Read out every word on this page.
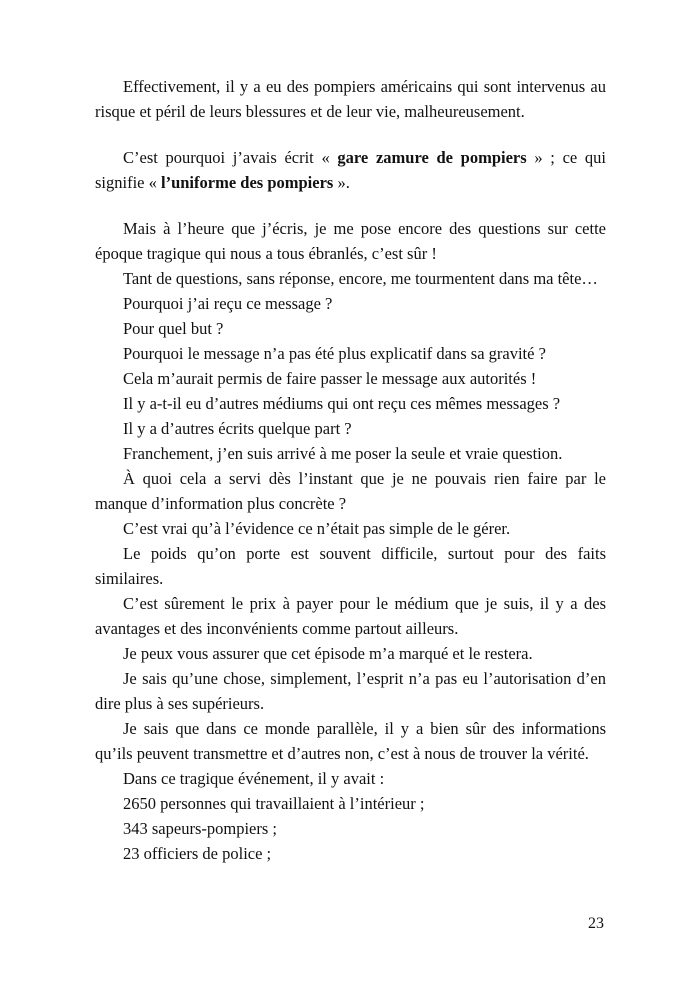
Effectivement, il y a eu des pompiers américains qui sont intervenus au risque et péril de leurs blessures et de leur vie, malheureusement.

C’est pourquoi j’avais écrit « gare zamure de pompiers » ; ce qui signifie « l’uniforme des pompiers ».

Mais à l’heure que j’écris, je me pose encore des questions sur cette époque tragique qui nous a tous ébranlés, c’est sûr !

Tant de questions, sans réponse, encore, me tourmentent dans ma tête…

Pourquoi j’ai reçu ce message ?

Pour quel but ?

Pourquoi le message n’a pas été plus explicatif dans sa gravité ?

Cela m’aurait permis de faire passer le message aux autorités !

Il y a-t-il eu d’autres médiums qui ont reçu ces mêmes messages ?

Il y a d’autres écrits quelque part ?

Franchement, j’en suis arrivé à me poser la seule et vraie question.

À quoi cela a servi dès l’instant que je ne pouvais rien faire par le manque d’information plus concrète ?

C’est vrai qu’à l’évidence ce n’était pas simple de le gérer.

Le poids qu’on porte est souvent difficile, surtout pour des faits similaires.

C’est sûrement le prix à payer pour le médium que je suis, il y a des avantages et des inconvénients comme partout ailleurs.

Je peux vous assurer que cet épisode m’a marqué et le restera.

Je sais qu’une chose, simplement, l’esprit n’a pas eu l’autorisation d’en dire plus à ses supérieurs.

Je sais que dans ce monde parallèle, il y a bien sûr des informations qu’ils peuvent transmettre et d’autres non, c’est à nous de trouver la vérité.

Dans ce tragique événement, il y avait :

2650 personnes qui travaillaient à l’intérieur ;

343 sapeurs-pompiers ;

23 officiers de police ;

23
